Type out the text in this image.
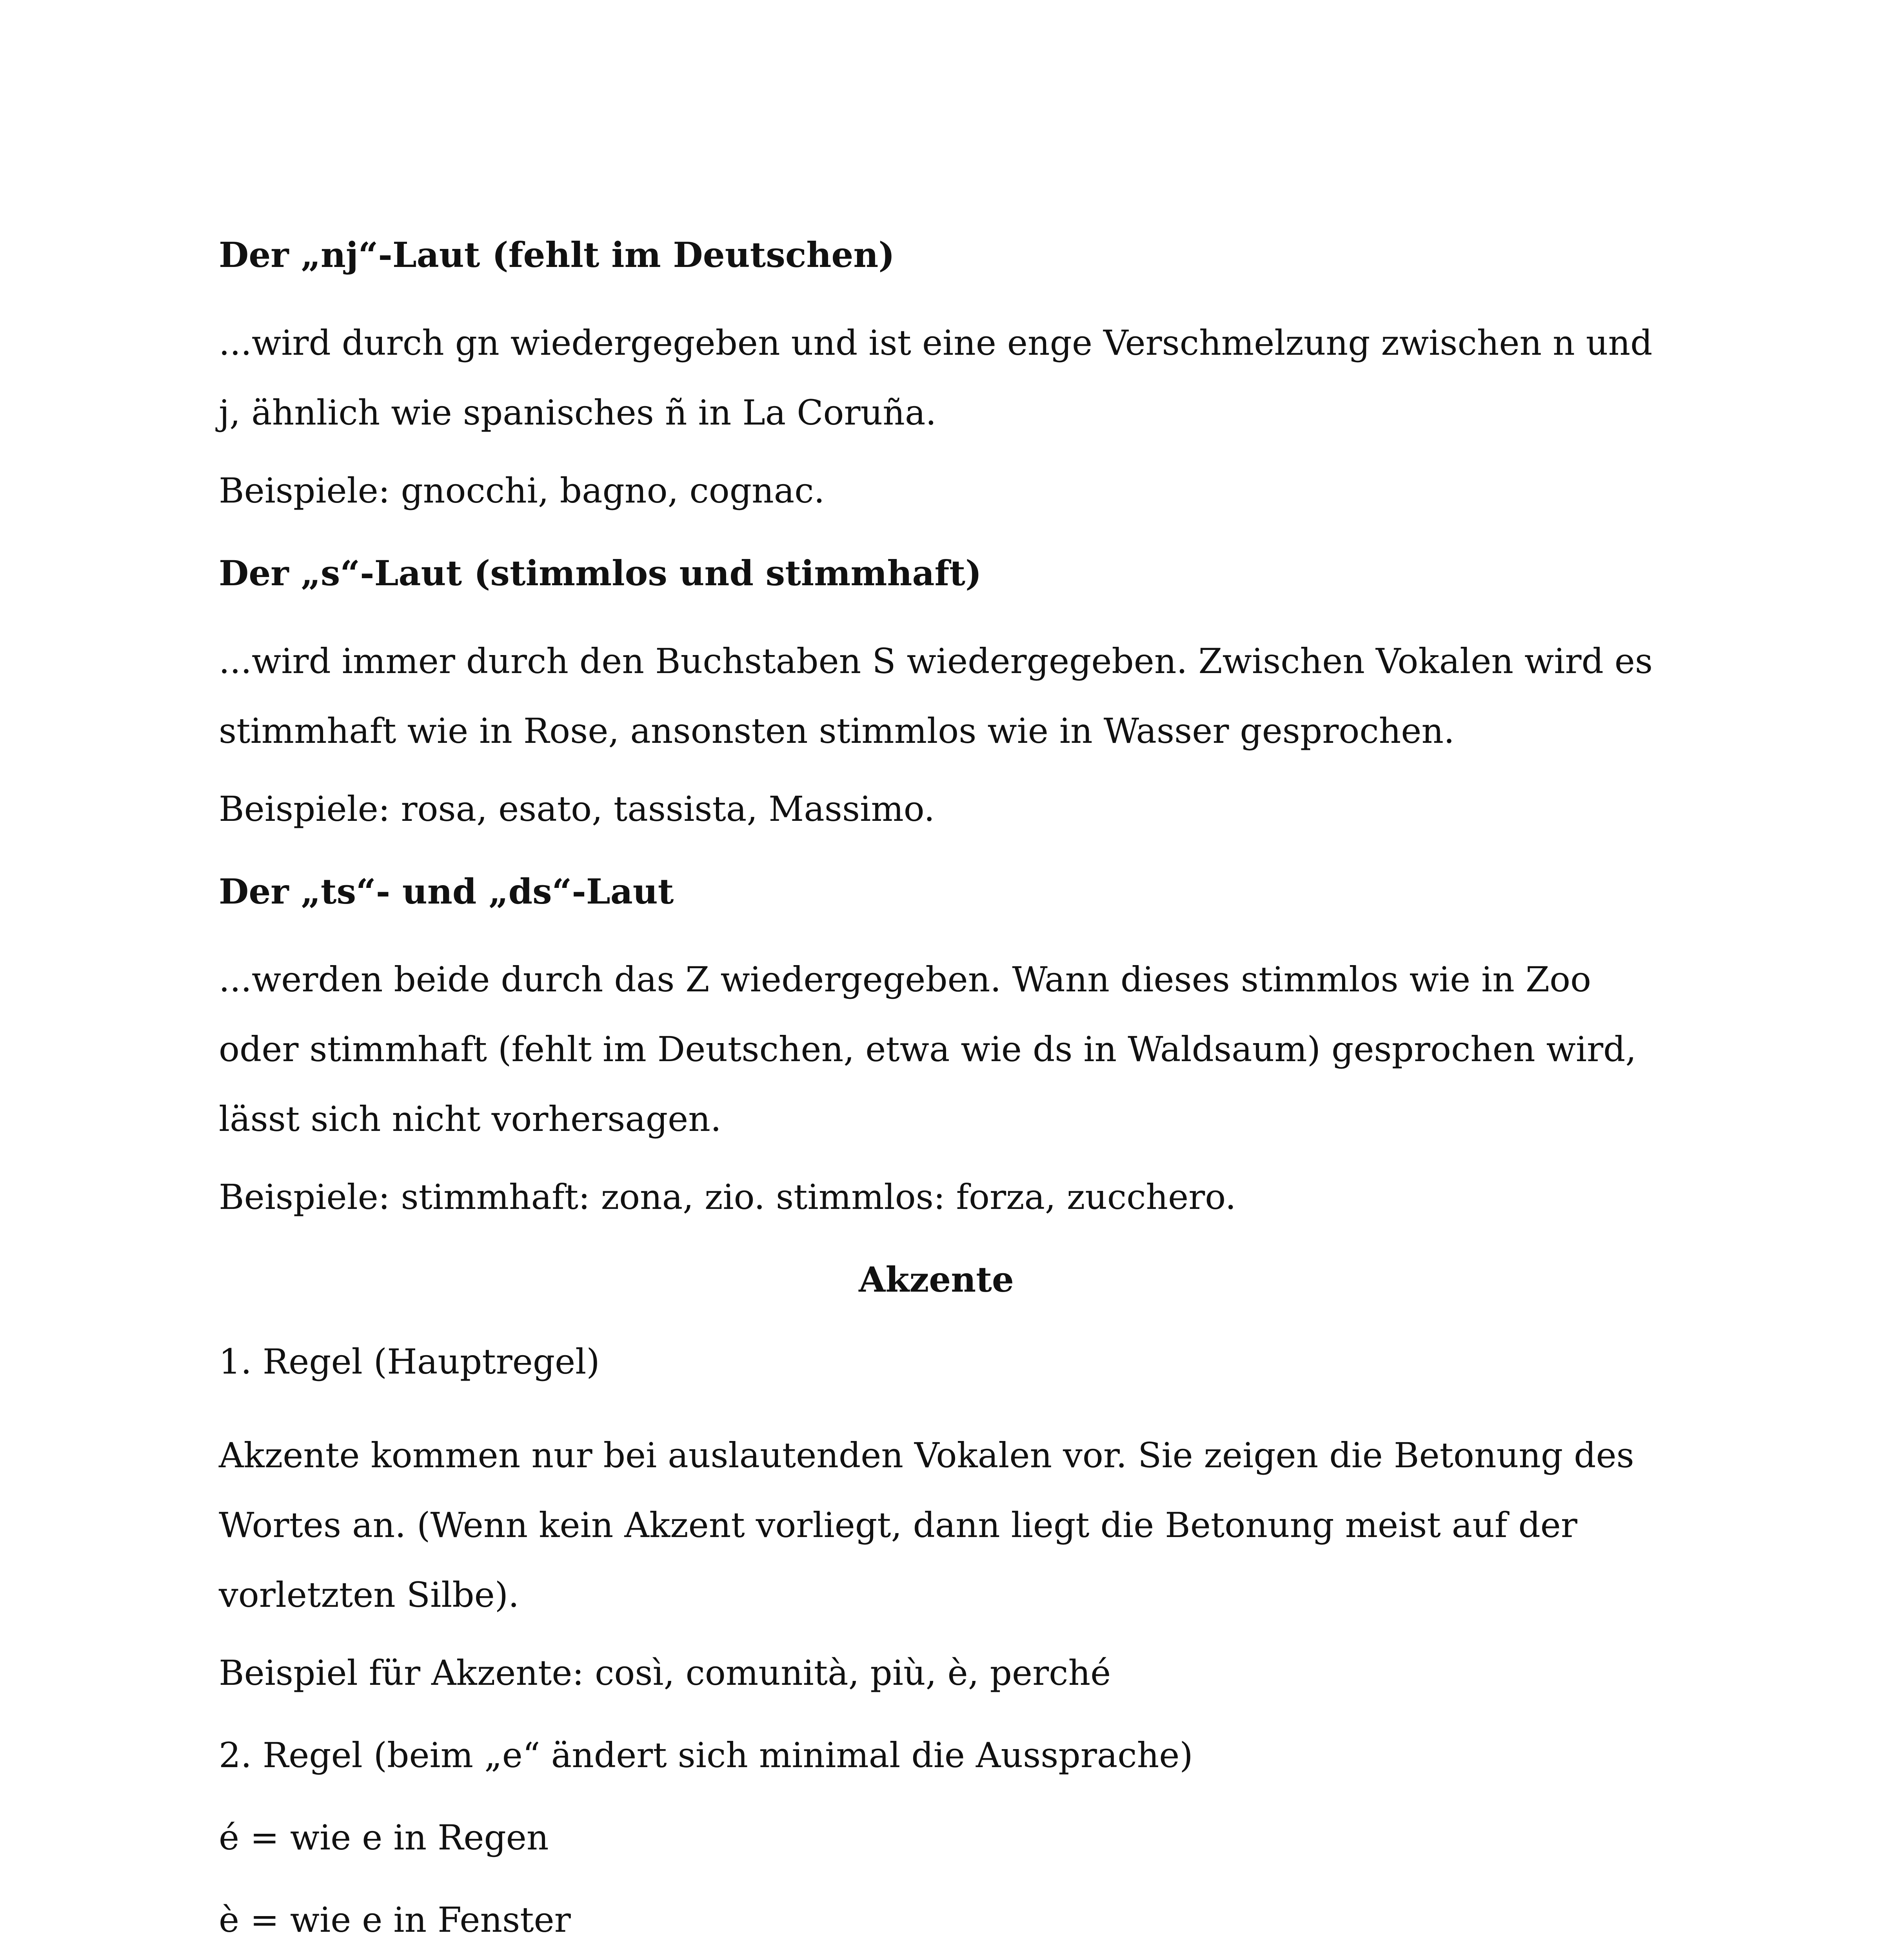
Der „nj“-Laut (fehlt im Deutschen)
...wird durch gn wiedergegeben und ist eine enge Verschmelzung zwischen n und j, ähnlich wie spanisches ñ in La Coruña.
Beispiele: gnocchi, bagno, cognac.
Der „s“-Laut (stimmlos und stimmhaft)
...wird immer durch den Buchstaben S wiedergegeben. Zwischen Vokalen wird es stimmhaft wie in Rose, ansonsten stimmlos wie in Wasser gesprochen.
Beispiele: rosa, esato, tassista, Massimo.
Der „ts“- und „ds“-Laut
...werden beide durch das Z wiedergegeben. Wann dieses stimmlos wie in Zoo oder stimmhaft (fehlt im Deutschen, etwa wie ds in Waldsaum) gesprochen wird, lässt sich nicht vorhersagen.
Beispiele: stimmhaft: zona, zio. stimmlos: forza, zucchero.
Akzente
1. Regel (Hauptregel)
Akzente kommen nur bei auslautenden Vokalen vor. Sie zeigen die Betonung des Wortes an. (Wenn kein Akzent vorliegt, dann liegt die Betonung meist auf der vorletzten Silbe).
Beispiel für Akzente: così, comunità, più, è, perché
2. Regel (beim „e“ ändert sich minimal die Aussprache)
é = wie e in Regen
è = wie e in Fenster
